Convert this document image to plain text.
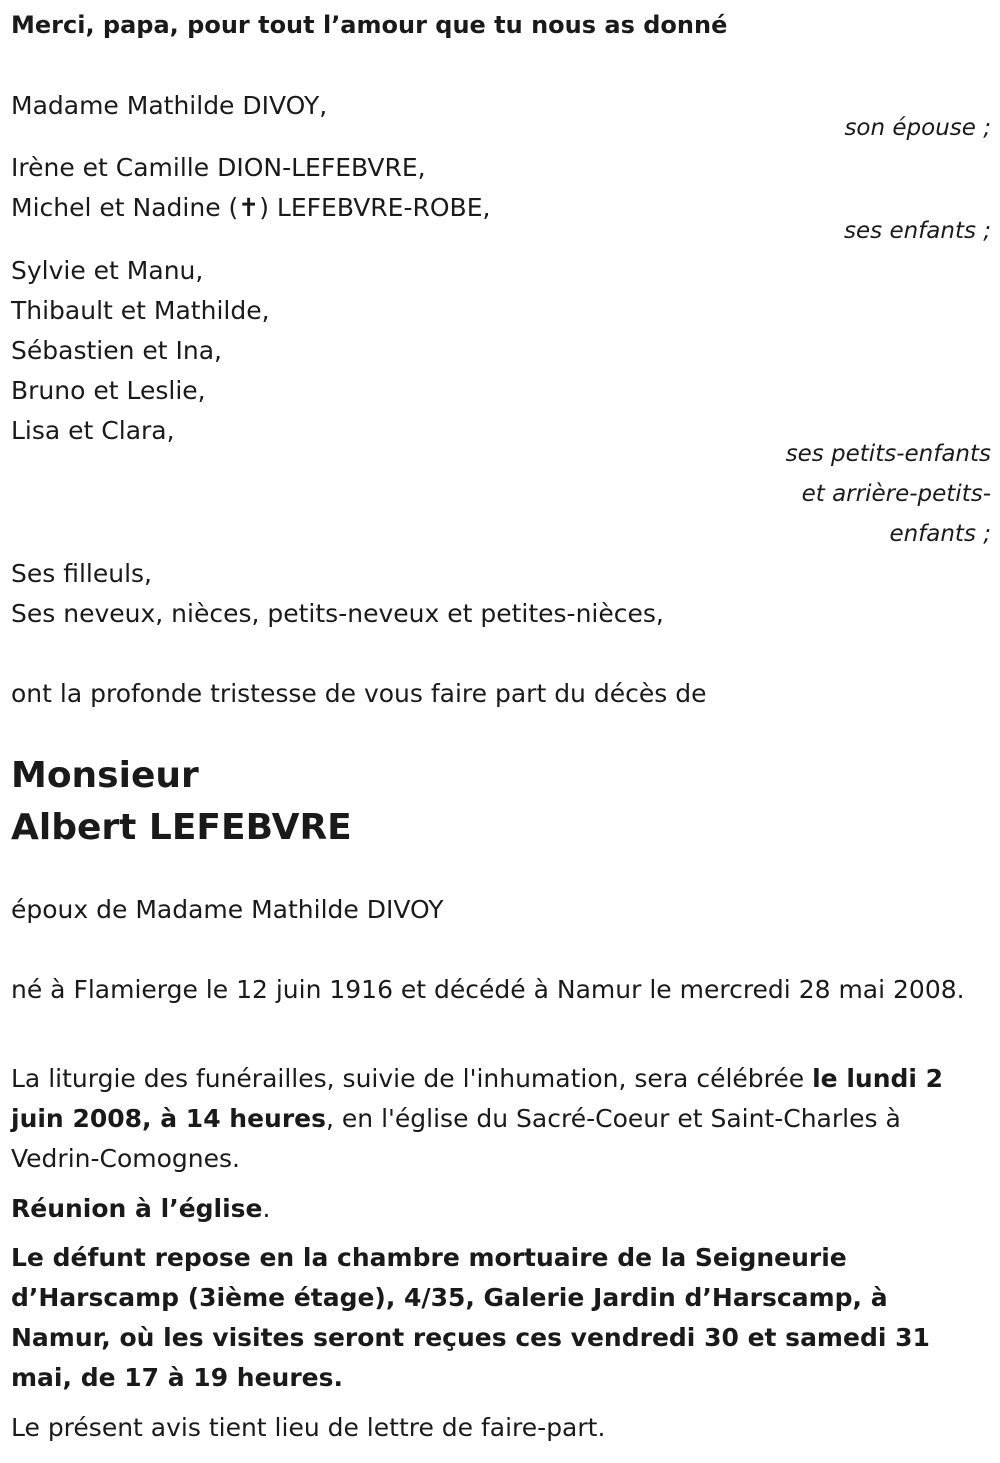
Merci, papa, pour tout l’amour que tu nous as donné
Madame Mathilde DIVOY,
son épouse ;
Irène et Camille DION-LEFEBVRE,
Michel et Nadine (✝) LEFEBVRE-ROBE,
ses enfants ;
Sylvie et Manu,
Thibault et Mathilde,
Sébastien et Ina,
Bruno et Leslie,
Lisa et Clara,
ses petits-enfants
et arrière-petits-
enfants ;
Ses filleuls,
Ses neveux, nièces, petits-neveux et petites-nièces,
ont la profonde tristesse de vous faire part du décès de
Monsieur
Albert LEFEBVRE
époux de Madame Mathilde DIVOY
né à Flamierge le 12 juin 1916 et décédé à Namur le mercredi 28 mai 2008.
La liturgie des funérailles, suivie de l'inhumation, sera célébrée le lundi 2 juin 2008, à 14 heures, en l'église du Sacré-Coeur et Saint-Charles à Vedrin-Comognes.
Réunion à l’église.
Le défunt repose en la chambre mortuaire de la Seigneurie d’Harscamp (3ième étage), 4/35, Galerie Jardin d’Harscamp, à Namur, où les visites seront reçues ces vendredi 30 et samedi 31 mai, de 17 à 19 heures.
Le présent avis tient lieu de lettre de faire-part.
